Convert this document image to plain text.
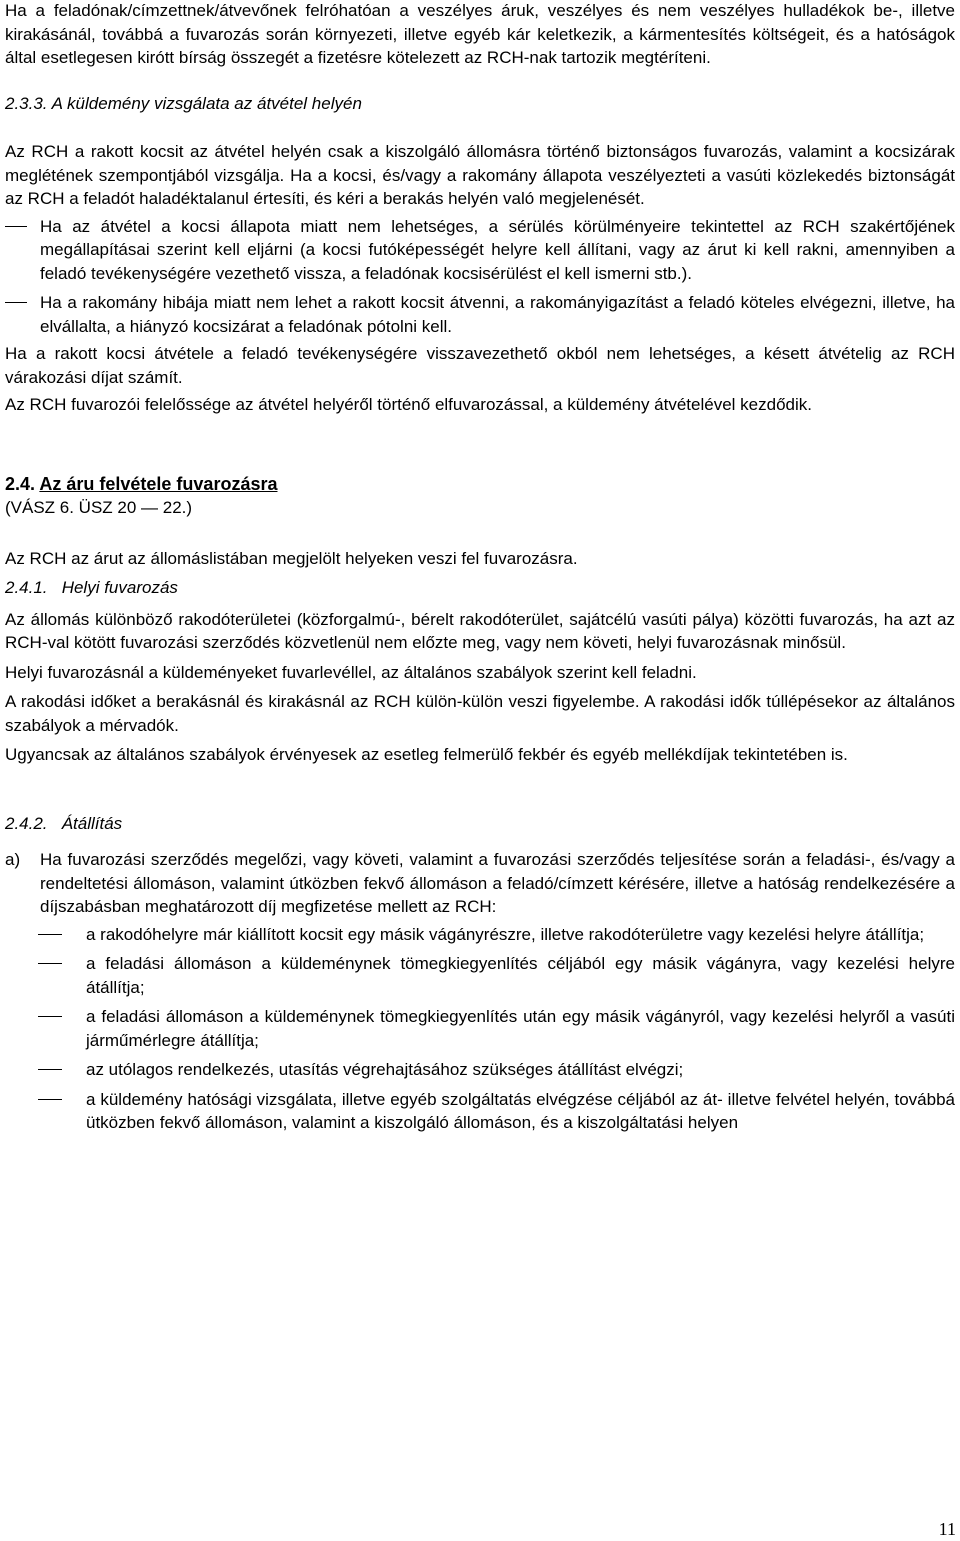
Ha a feladónak/címzettnek/átvevőnek felróhatóan a veszélyes áruk, veszélyes és nem veszélyes hulladékok be-, illetve kirakásánál, továbbá a fuvarozás során környezeti, illetve egyéb kár keletkezik, a kármentesítés költségeit, és a hatóságok által esetlegesen kirótt bírság összegét a fizetésre kötelezett az RCH-nak tartozik megtéríteni.

2.3.3. A küldemény vizsgálata az átvétel helyén

Az RCH a rakott kocsit az átvétel helyén csak a kiszolgáló állomásra történő biztonságos fuvarozás, valamint a kocsizárak meglétének szempontjából vizsgálja. Ha a kocsi, és/vagy a rakomány állapota veszélyezteti a vasúti közlekedés biztonságát az RCH a feladót haladéktalanul értesíti, és kéri a berakás helyén való megjelenését.

Ha az átvétel a kocsi állapota miatt nem lehetséges, a sérülés körülményeire tekintettel az RCH szakértőjének megállapításai szerint kell eljárni (a kocsi futóképességét helyre kell állítani, vagy az árut ki kell rakni, amennyiben a feladó tevékenységére vezethető vissza, a feladónak kocsisérülést el kell ismerni stb.).

Ha a rakomány hibája miatt nem lehet a rakott kocsit átvenni, a rakományigazítást a feladó köteles elvégezni, illetve, ha elvállalta, a hiányzó kocsizárat a feladónak pótolni kell.

Ha a rakott kocsi átvétele a feladó tevékenységére visszavezethető okból nem lehetséges, a késett átvételig az RCH várakozási díjat számít.

Az RCH fuvarozói felelőssége az átvétel helyéről történő elfuvarozással, a küldemény átvételével kezdődik.

2.4. Az áru felvétele fuvarozásra

(VÁSZ 6. ÜSZ 20 — 22.)

Az RCH az árut az állomáslistában megjelölt helyeken veszi fel fuvarozásra.

2.4.1.   Helyi fuvarozás

Az állomás különböző rakodóterületei (közforgalmú-, bérelt rakodóterület, sajátcélú vasúti pálya) közötti fuvarozás, ha azt az RCH-val kötött fuvarozási szerződés közvetlenül nem előzte meg, vagy nem követi, helyi fuvarozásnak minősül.

Helyi fuvarozásnál a küldeményeket fuvarlevéllel, az általános szabályok szerint kell feladni.

A rakodási időket a berakásnál és kirakásnál az RCH külön-külön veszi figyelembe. A rakodási idők túllépésekor az általános szabályok a mérvadók.

Ugyancsak az általános szabályok érvényesek az esetleg felmerülő fekbér és egyéb mellékdíjak tekintetében is.

2.4.2.   Átállítás

a) Ha fuvarozási szerződés megelőzi, vagy követi, valamint a fuvarozási szerződés teljesítése során a feladási-, és/vagy a rendeltetési állomáson, valamint útközben fekvő állomáson a feladó/címzett kérésére, illetve a hatóság rendelkezésére a díjszabásban meghatározott díj megfizetése mellett az RCH:

a rakodóhelyre már kiállított kocsit egy másik vágányrészre, illetve rakodóterületre vagy kezelési helyre átállítja;

a feladási állomáson a küldeménynek tömegkiegyenlítés céljából egy másik vágányra, vagy kezelési helyre átállítja;

a feladási állomáson a küldeménynek tömegkiegyenlítés után egy másik vágányról, vagy kezelési helyről a vasúti járműmérlegre átállítja;

az utólagos rendelkezés, utasítás végrehajtásához szükséges átállítást elvégzi;

a küldemény hatósági vizsgálata, illetve egyéb szolgáltatás elvégzése céljából az át- illetve felvétel helyén, továbbá ütközben fekvő állomáson, valamint a kiszolgáló állomáson, és a kiszolgáltatási helyen

11
